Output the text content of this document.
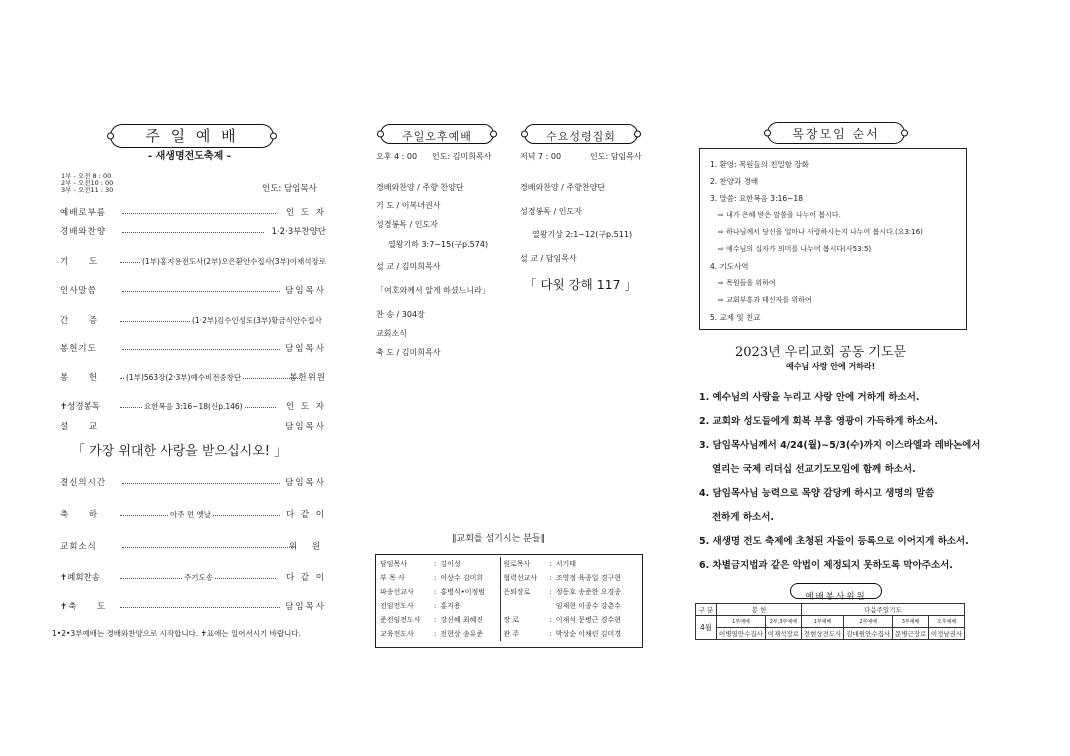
주 일 예 배
- 새생명전도축제 -
1부 - 오전 8 : 00
2부 - 오전10 : 00
3부 - 오전11 : 30	인도: 담임목사
예배로부름	인 도 자
경배와찬양	1·2·3부찬양단
기 도	(1부)홍지용전도사(2부)오은환안수집사(3부)이재석장로
인사말씀	담임목사
간 증	(1·2부)김수인성도(3부)황금식안수집사
봉헌기도	담임목사
봉 헌	(1부)563장(2·3부)예수비전중창단	봉헌위원
✝성경봉독	요한복음 3:16~18(신p.146)	인 도 자
설 교	담임목사
「 가장 위대한 사랑을 받으십시오! 」
결신의시간	담임목사
축 하	아주 먼 옛날	다 같 이
교회소식	위 원
✝폐회찬송	주기도송	다 같 이
✝축 도	담임목사
1•2•3부예배는 경배와찬양으로 시작합니다. ✝표에는 일어서시기 바랍니다.
주일오후예배	수요성령집회
오후 4 : 00 인도: 김미희목사
경배와찬양 / 주향 찬양단
기 도 / 이복녀권사
성경봉독 / 인도자
열왕기하 3:7~15(구p.574)
설 교 / 김미희목사
「여호와께서 알게 하셨느니라」
찬 송 / 304장
교회소식
축 도 / 김미희목사
저녁 7 : 00	인도: 담임목사
경배와찬양 / 주향찬양단
성경봉독 / 인도자
열왕기상 2:1~12(구p.511)
설 교 / 담임목사
「 다윗 강해 117 」
∥교회를 섬기시는 분들∥
담임목사	:	김이성	원로목사	:	서기태
부 목 사	:	이상수 김미희	협력선교사	:	조영정 육종일 경구현
파송선교사	:	홍병식•이정범	은퇴장로	:	정동호 송준한 오경종
전임전도사	:	홍지용			임재현 이종수 강춘수
준전임전도사	:	강신혜 최혜진	장 로	:	이재석 문병근 경수현
교육전도사	:	전현상 송유준	관 주	:	박상순 이채린 김미경
목장모임 순서
1. 환영: 목원들의 친밀함 강화
2. 찬양과 경배
3. 말씀: 요한복음 3:16~18
⇨ 내가 은혜 받은 말씀을 나누어 봅시다.
⇨ 하나님께서 당신을 얼마나 사랑하시는지 나누어 봅시다.(요3:16)
⇨ 예수님의 십자가 의미를 나누어 봅시다(사53:5)
4. 기도사역
⇨ 목원들을 위하여
⇨ 교회부흥과 태신자를 위하여
5. 교제 및 친교
2023년 우리교회 공동 기도문
예수님 사랑 안에 거하라!
1. 예수님의 사랑을 누리고 사랑 안에 거하게 하소서.
2. 교회와 성도들에게 회복 부흥 영광이 가득하게 하소서.
3. 담임목사님께서 4/24(월)~5/3(수)까지 이스라엘과 레바논에서
열리는 국제 리더십 선교기도모임에 함께 하소서.
4. 담임목사님 능력으로 목양 감당케 하시고 생명의 말씀
전하게 하소서.
5. 새생명 전도 축제에 초청된 자들이 등록으로 이어지게 하소서.
6. 차별금지법과 같은 악법이 제정되지 못하도록 막아주소서.
예배봉사위원
구 분	봉 헌		다음주일기도			
4월	1부예배	2부,3부예배	1부예배	2부예배	3부예배	오후예배
	이병열안수집사	이재석장로	전현상전도사	김대원안수집사	문병근장로	이정남권사
